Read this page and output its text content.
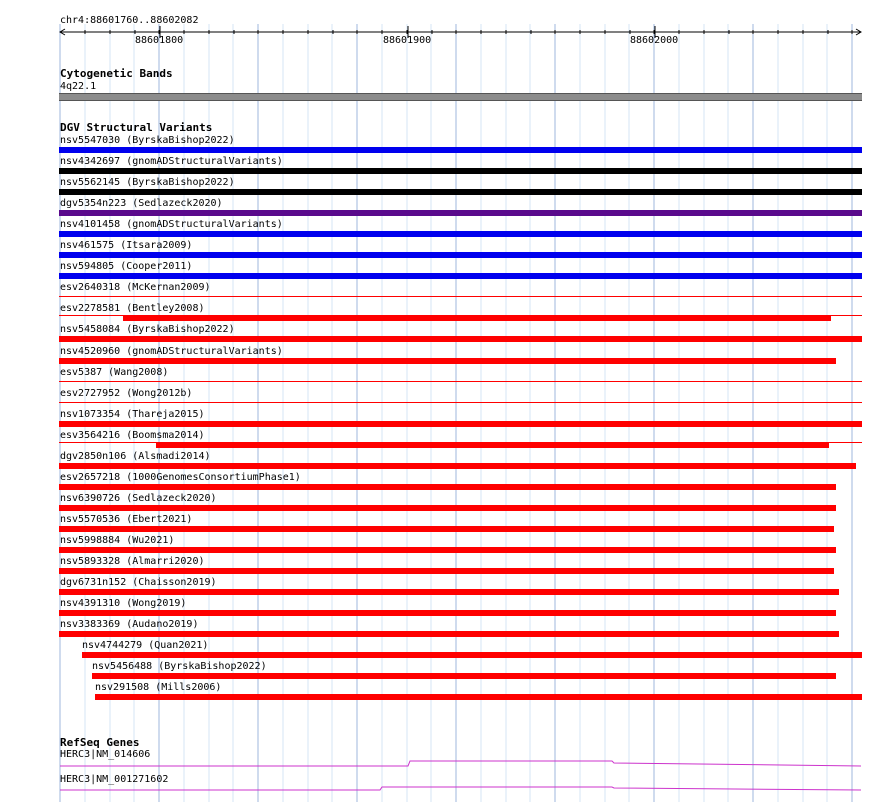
chr4:88601760..88602082
88601800	88601900	88602000
Cytogenetic Bands
4q22.1
DGV Structural Variants
nsv5547030 (ByrskaBishop2022)
nsv4342697 (gnomADStructuralVariants)
nsv5562145 (ByrskaBishop2022)
dgv5354n223 (Sedlazeck2020)
nsv4101458 (gnomADStructuralVariants)
nsv461575 (Itsara2009)
nsv594805 (Cooper2011)
esv2640318 (McKernan2009)
esv2278581 (Bentley2008)
nsv5458084 (ByrskaBishop2022)
nsv4520960 (gnomADStructuralVariants)
esv5387 (Wang2008)
esv2727952 (Wong2012b)
nsv1073354 (Thareja2015)
esv3564216 (Boomsma2014)
dgv2850n106 (Alsmadi2014)
esv2657218 (1000GenomesConsortiumPhase1)
nsv6390726 (Sedlazeck2020)
nsv5570536 (Ebert2021)
nsv5998884 (Wu2021)
nsv5893328 (Almarri2020)
dgv6731n152 (Chaisson2019)
nsv4391310 (Wong2019)
nsv3383369 (Audano2019)
nsv4744279 (Quan2021)
nsv5456488 (ByrskaBishop2022)
nsv291508 (Mills2006)
RefSeq Genes
HERC3|NM_014606
HERC3|NM_001271602
